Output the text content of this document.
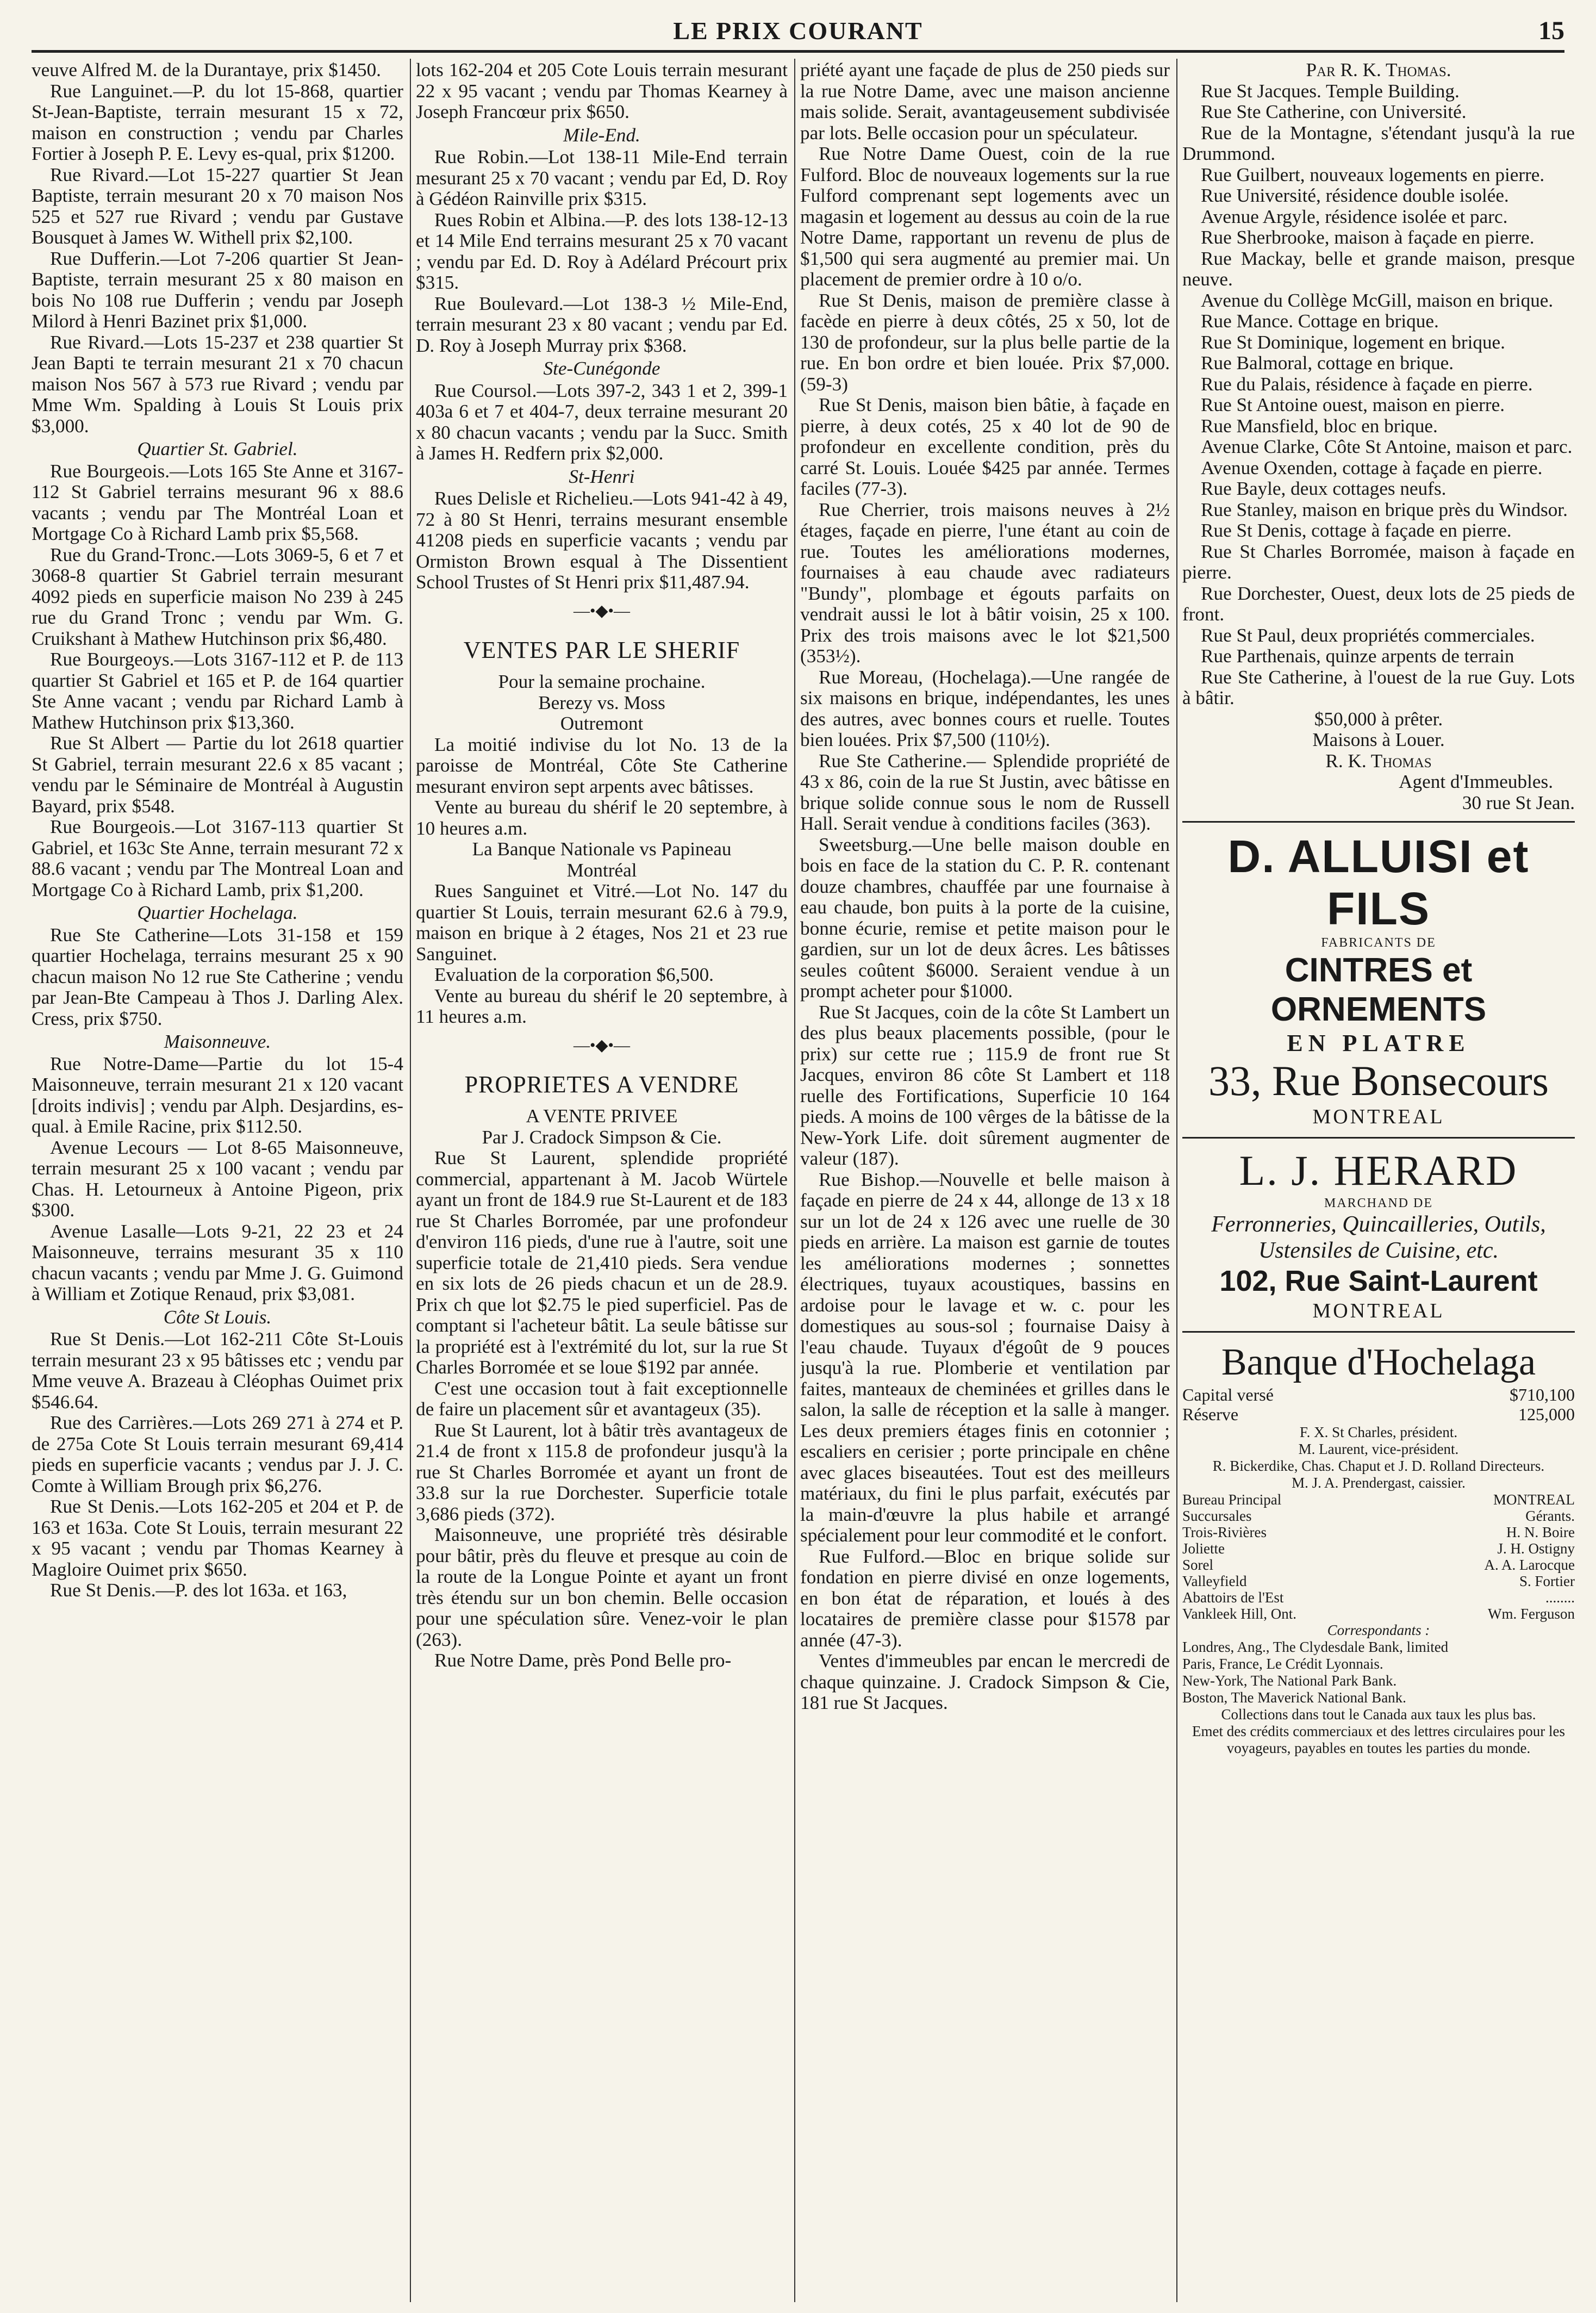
LE PRIX COURANT	15

veuve Alfred M. de la Durantaye, prix $1450.

Rue Languinet.—P. du lot 15-868, quartier St-Jean-Baptiste, terrain mesurant 15 x 72, maison en construction ; vendu par Charles Fortier à Joseph P. E. Levy es-qual, prix $1200.

Rue Rivard.—Lot 15-227 quartier St Jean Baptiste, terrain mesurant 20 x 70 maison Nos 525 et 527 rue Rivard ; vendu par Gustave Bousquet à James W. Withell prix $2,100.

Rue Dufferin.—Lot 7-206 quartier St Jean-Baptiste, terrain mesurant 25 x 80 maison en bois No 108 rue Dufferin ; vendu par Joseph Milord à Henri Bazinet prix $1,000.

Rue Rivard.—Lots 15-237 et 238 quartier St Jean Bapti te terrain mesurant 21 x 70 chacun maison Nos 567 à 573 rue Rivard ; vendu par Mme Wm. Spalding à Louis St Louis prix $3,000.

Quartier St. Gabriel.

Rue Bourgeois.—Lots 165 Ste Anne et 3167-112 St Gabriel terrains mesurant 96 x 88.6 vacants ; vendu par The Montréal Loan et Mortgage Co à Richard Lamb prix $5,568.

Rue du Grand-Tronc.—Lots 3069-5, 6 et 7 et 3068-8 quartier St Gabriel terrain mesurant 4092 pieds en superficie maison No 239 à 245 rue du Grand Tronc ; vendu par Wm. G. Cruikshant à Mathew Hutchinson prix $6,480.

Rue Bourgeoys.—Lots 3167-112 et P. de 113 quartier St Gabriel et 165 et P. de 164 quartier Ste Anne vacant ; vendu par Richard Lamb à Mathew Hutchinson prix $13,360.

Rue St Albert — Partie du lot 2618 quartier St Gabriel, terrain mesurant 22.6 x 85 vacant ; vendu par le Séminaire de Montréal à Augustin Bayard, prix $548.

Rue Bourgeois.—Lot 3167-113 quartier St Gabriel, et 163c Ste Anne, terrain mesurant 72 x 88.6 vacant ; vendu par The Montreal Loan and Mortgage Co à Richard Lamb, prix $1,200.

Quartier Hochelaga.

Rue Ste Catherine—Lots 31-158 et 159 quartier Hochelaga, terrains mesurant 25 x 90 chacun maison No 12 rue Ste Catherine ; vendu par Jean-Bte Campeau à Thos J. Darling Alex. Cress, prix $750.

Maisonneuve.

Rue Notre-Dame—Partie du lot 15-4 Maisonneuve, terrain mesurant 21 x 120 vacant [droits indivis] ; vendu par Alph. Desjardins, es-qual. à Emile Racine, prix $112.50.

Avenue Lecours — Lot 8-65 Maisonneuve, terrain mesurant 25 x 100 vacant ; vendu par Chas. H. Letourneux à Antoine Pigeon, prix $300.

Avenue Lasalle—Lots 9-21, 22 23 et 24 Maisonneuve, terrains mesurant 35 x 110 chacun vacants ; vendu par Mme J. G. Guimond à William et Zotique Renaud, prix $3,081.

Côte St Louis.

Rue St Denis.—Lot 162-211 Côte St-Louis terrain mesurant 23 x 95 bâtisses etc ; vendu par Mme veuve A. Brazeau à Cléophas Ouimet prix $546.64.

Rue des Carrières.—Lots 269 271 à 274 et P. de 275a Cote St Louis terrain mesurant 69,414 pieds en superficie vacants ; vendus par J. J. C. Comte à William Brough prix $6,276.

Rue St Denis.—Lots 162-205 et 204 et P. de 163 et 163a. Cote St Louis, terrain mesurant 22 x 95 vacant ; vendu par Thomas Kearney à Magloire Ouimet prix $650.

Rue St Denis.—P. des lot 163a. et 163,

lots 162-204 et 205 Cote Louis terrain mesurant 22 x 95 vacant ; vendu par Thomas Kearney à Joseph Francœur prix $650.

Mile-End.

Rue Robin.—Lot 138-11 Mile-End terrain mesurant 25 x 70 vacant ; vendu par Ed, D. Roy à Gédéon Rainville prix $315.

Rues Robin et Albina.—P. des lots 138-12-13 et 14 Mile End terrains mesurant 25 x 70 vacant ; vendu par Ed. D. Roy à Adélard Précourt prix $315.

Rue Boulevard.—Lot 138-3 ½ Mile-End, terrain mesurant 23 x 80 vacant ; vendu par Ed. D. Roy à Joseph Murray prix $368.

Ste-Cunégonde

Rue Coursol.—Lots 397-2, 343 1 et 2, 399-1 403a 6 et 7 et 404-7, deux terraine mesurant 20 x 80 chacun vacants ; vendu par la Succ. Smith à James H. Redfern prix $2,000.

St-Henri

Rues Delisle et Richelieu.—Lots 941-42 à 49, 72 à 80 St Henri, terrains mesurant ensemble 41208 pieds en superficie vacants ; vendu par Ormiston Brown esqual à The Dissentient School Trustes of St Henri prix $11,487.94.

—•◆•—

VENTES PAR LE SHERIF

Pour la semaine prochaine.

Berezy vs. Moss

Outremont

La moitié indivise du lot No. 13 de la paroisse de Montréal, Côte Ste Catherine mesurant environ sept arpents avec bâtisses.

Vente au bureau du shérif le 20 septembre, à 10 heures a.m.

La Banque Nationale vs Papineau

Montréal

Rues Sanguinet et Vitré.—Lot No. 147 du quartier St Louis, terrain mesurant 62.6 à 79.9, maison en brique à 2 étages, Nos 21 et 23 rue Sanguinet.

Evaluation de la corporation $6,500.

Vente au bureau du shérif le 20 septembre, à 11 heures a.m.

—•◆•—

PROPRIETES A VENDRE

A VENTE PRIVEE

Par J. Cradock Simpson & Cie.

Rue St Laurent, splendide propriété commercial, appartenant à M. Jacob Würtele ayant un front de 184.9 rue St-Laurent et de 183 rue St Charles Borromée, par une profondeur d'environ 116 pieds, d'une rue à l'autre, soit une superficie totale de 21,410 pieds. Sera vendue en six lots de 26 pieds chacun et un de 28.9. Prix ch que lot $2.75 le pied superficiel. Pas de comptant si l'acheteur bâtit. La seule bâtisse sur la propriété est à l'extrémité du lot, sur la rue St Charles Borromée et se loue $192 par année.

C'est une occasion tout à fait exceptionnelle de faire un placement sûr et avantageux (35).

Rue St Laurent, lot à bâtir très avantageux de 21.4 de front x 115.8 de profondeur jusqu'à la rue St Charles Borromée et ayant un front de 33.8 sur la rue Dorchester. Superficie totale 3,686 pieds (372).

Maisonneuve, une propriété très désirable pour bâtir, près du fleuve et presque au coin de la route de la Longue Pointe et ayant un front très étendu sur un bon chemin. Belle occasion pour une spéculation sûre. Venez-voir le plan (263).

Rue Notre Dame, près Pond Belle pro-

priété ayant une façade de plus de 250 pieds sur la rue Notre Dame, avec une maison ancienne mais solide. Serait, avantageusement subdivisée par lots. Belle occasion pour un spéculateur.

Rue Notre Dame Ouest, coin de la rue Fulford. Bloc de nouveaux logements sur la rue Fulford comprenant sept logements avec un magasin et logement au dessus au coin de la rue Notre Dame, rapportant un revenu de plus de $1,500 qui sera augmenté au premier mai. Un placement de premier ordre à 10 o/o.

Rue St Denis, maison de première classe à facède en pierre à deux côtés, 25 x 50, lot de 130 de profondeur, sur la plus belle partie de la rue. En bon ordre et bien louée. Prix $7,000. (59-3)

Rue St Denis, maison bien bâtie, à façade en pierre, à deux cotés, 25 x 40 lot de 90 de profondeur en excellente condition, près du carré St. Louis. Louée $425 par année. Termes faciles (77-3).

Rue Cherrier, trois maisons neuves à 2½ étages, façade en pierre, l'une étant au coin de rue. Toutes les améliorations modernes, fournaises à eau chaude avec radiateurs "Bundy", plombage et égouts parfaits on vendrait aussi le lot à bâtir voisin, 25 x 100. Prix des trois maisons avec le lot $21,500 (353½).

Rue Moreau, (Hochelaga).—Une rangée de six maisons en brique, indépendantes, les unes des autres, avec bonnes cours et ruelle. Toutes bien louées. Prix $7,500 (110½).

Rue Ste Catherine.— Splendide propriété de 43 x 86, coin de la rue St Justin, avec bâtisse en brique solide connue sous le nom de Russell Hall. Serait vendue à conditions faciles (363).

Sweetsburg.—Une belle maison double en bois en face de la station du C. P. R. contenant douze chambres, chauffée par une fournaise à eau chaude, bon puits à la porte de la cuisine, bonne écurie, remise et petite maison pour le gardien, sur un lot de deux âcres. Les bâtisses seules coûtent $6000. Seraient vendue à un prompt acheter pour $1000.

Rue St Jacques, coin de la côte St Lambert un des plus beaux placements possible, (pour le prix) sur cette rue ; 115.9 de front rue St Jacques, environ 86 côte St Lambert et 118 ruelle des Fortifications, Superficie 10 164 pieds. A moins de 100 vêrges de la bâtisse de la New-York Life. doit sûrement augmenter de valeur (187).

Rue Bishop.—Nouvelle et belle maison à façade en pierre de 24 x 44, allonge de 13 x 18 sur un lot de 24 x 126 avec une ruelle de 30 pieds en arrière. La maison est garnie de toutes les améliorations modernes ; sonnettes électriques, tuyaux acoustiques, bassins en ardoise pour le lavage et w. c. pour les domestiques au sous-sol ; fournaise Daisy à l'eau chaude. Tuyaux d'égoût de 9 pouces jusqu'à la rue. Plomberie et ventilation par faites, manteaux de cheminées et grilles dans le salon, la salle de réception et la salle à manger. Les deux premiers étages finis en cotonnier ; escaliers en cerisier ; porte principale en chêne avec glaces biseautées. Tout est des meilleurs matériaux, du fini le plus parfait, exécutés par la main-d'œuvre la plus habile et arrangé spécialement pour leur commodité et le confort.

Rue Fulford.—Bloc en brique solide sur fondation en pierre divisé en onze logements, en bon état de réparation, et loués à des locataires de première classe pour $1578 par année (47-3).

Ventes d'immeubles par encan le mercredi de chaque quinzaine. J. Cradock Simpson & Cie, 181 rue St Jacques.

Par R. K. Thomas.

Rue St Jacques. Temple Building.

Rue Ste Catherine, con Université.

Rue de la Montagne, s'étendant jusqu'à la rue Drummond.

Rue Guilbert, nouveaux logements en pierre.

Rue Université, résidence double isolée.

Avenue Argyle, résidence isolée et parc.

Rue Sherbrooke, maison à façade en pierre.

Rue Mackay, belle et grande maison, presque neuve.

Avenue du Collège McGill, maison en brique.

Rue Mance. Cottage en brique.

Rue St Dominique, logement en brique.

Rue Balmoral, cottage en brique.

Rue du Palais, résidence à façade en pierre.

Rue St Antoine ouest, maison en pierre.

Rue Mansfield, bloc en brique.

Avenue Clarke, Côte St Antoine, maison et parc.

Avenue Oxenden, cottage à façade en pierre.

Rue Bayle, deux cottages neufs.

Rue Stanley, maison en brique près du Windsor.

Rue St Denis, cottage à façade en pierre.

Rue St Charles Borromée, maison à façade en pierre.

Rue Dorchester, Ouest, deux lots de 25 pieds de front.

Rue St Paul, deux propriétés commerciales.

Rue Parthenais, quinze arpents de terrain

Rue Ste Catherine, à l'ouest de la rue Guy. Lots à bâtir.

$50,000 à prêter.

Maisons à Louer.

R. K. Thomas

Agent d'Immeubles.

30 rue St Jean.

D. ALLUISI et FILS
FABRICANTS DE
CINTRES et ORNEMENTS
EN PLATRE
33, Rue Bonsecours
MONTREAL
L. J. HERARD
MARCHAND DE
Ferronneries, Quincailleries, Outils,
Ustensiles de Cuisine, etc.
102, Rue Saint-Laurent
MONTREAL
Banque d'Hochelaga
Capital versé	$710,100
Réserve	125,000
F. X. St Charles, président.
M. Laurent, vice-président.
R. Bickerdike, Chas. Chaput et J. D. Rolland Directeurs.
M. J. A. Prendergast, caissier.
Bureau Principal	MONTREAL
Succursales	Gérants.
Trois-Rivières	H. N. Boire
Joliette	J. H. Ostigny
Sorel	A. A. Larocque
Valleyfield	S. Fortier
Abattoirs de l'Est	........
Vankleek Hill, Ont.	Wm. Ferguson
Correspondants :
Londres, Ang., The Clydesdale Bank, limited
Paris, France, Le Crédit Lyonnais.
New-York, The National Park Bank.
Boston, The Maverick National Bank.
Collections dans tout le Canada aux taux les plus bas.
Emet des crédits commerciaux et des lettres circulaires pour les voyageurs, payables en toutes les parties du monde.
